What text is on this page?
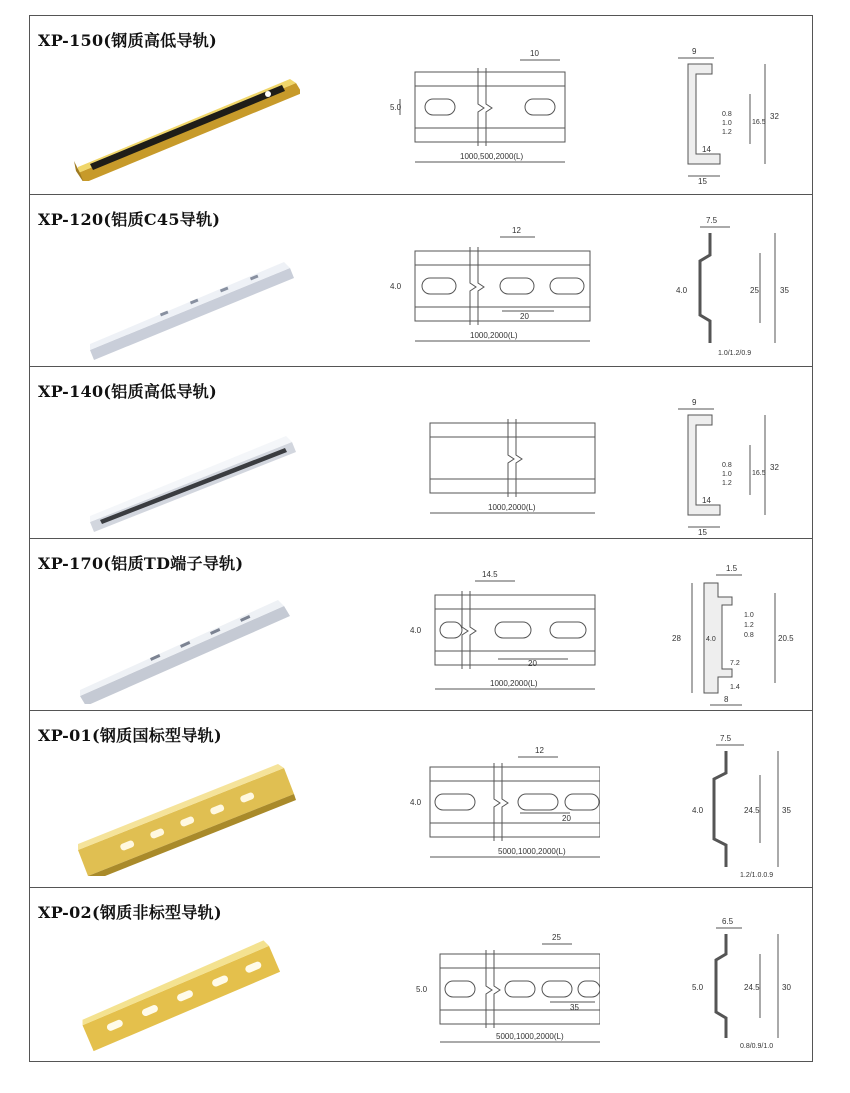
XP-150(钢质高低导轨)
10
5.0
1000,500,2000(L)
9
32
16.5
0.8
1.0
1.2
14
15
XP-120(铝质C45导轨)
12
4.0
20
1000,2000(L)
7.5
35
25
4.0
1.0/1.2/0.9
XP-140(铝质高低导轨)
1000,2000(L)
9
32
16.5
0.8
1.0
1.2
14
15
XP-170(铝质TD端子导轨)
14.5
4.0
20
1000,2000(L)
1.5
28	20.5
4.0
1.0
1.2
0.8
7.2
1.4
8
XP-01(钢质国标型导轨)
12
4.0
20
5000,1000,2000(L)
7.5
35
24.5
4.0
1.2/1.0.0.9
XP-02(钢质非标型导轨)
25
5.0
35
5000,1000,2000(L)
6.5
30
24.5
5.0
0.8/0.9/1.0
